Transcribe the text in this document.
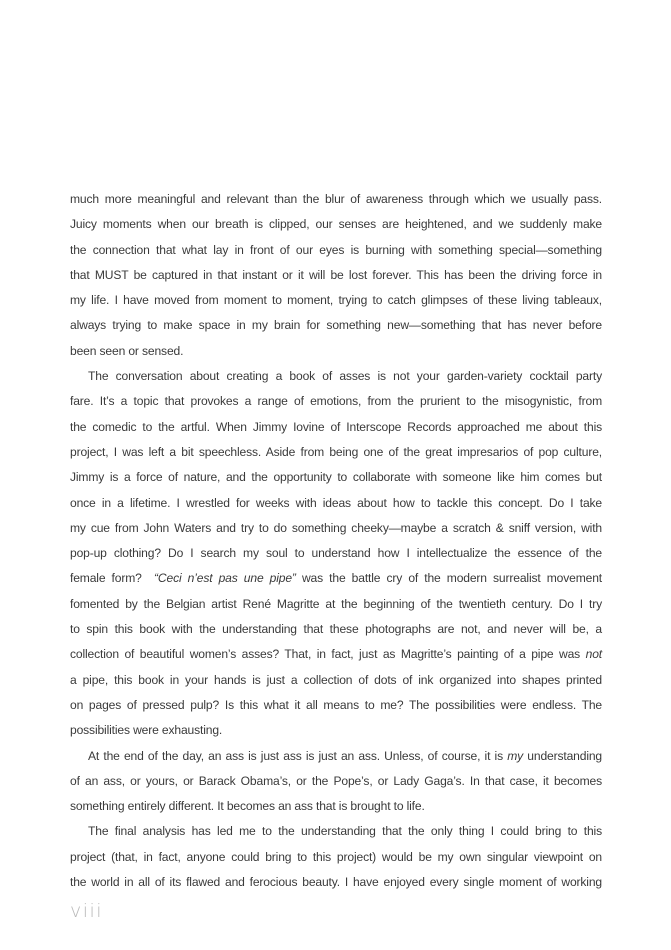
much more meaningful and relevant than the blur of awareness through which we usually pass.
Juicy moments when our breath is clipped, our senses are heightened, and we suddenly make
the connection that what lay in front of our eyes is burning with something special—something
that MUST be captured in that instant or it will be lost forever. This has been the driving force in
my life. I have moved from moment to moment, trying to catch glimpses of these living tableaux,
always trying to make space in my brain for something new—something that has never before
been seen or sensed.

The conversation about creating a book of asses is not your garden-variety cocktail party
fare. It’s a topic that provokes a range of emotions, from the prurient to the misogynistic, from
the comedic to the artful. When Jimmy Iovine of Interscope Records approached me about this
project, I was left a bit speechless. Aside from being one of the great impresarios of pop culture,
Jimmy is a force of nature, and the opportunity to collaborate with someone like him comes but
once in a lifetime. I wrestled for weeks with ideas about how to tackle this concept. Do I take
my cue from John Waters and try to do something cheeky—maybe a scratch & sniff version, with
pop-up clothing? Do I search my soul to understand how I intellectualize the essence of the
female form? “Ceci n’est pas une pipe” was the battle cry of the modern surrealist movement
fomented by the Belgian artist René Magritte at the beginning of the twentieth century. Do I try
to spin this book with the understanding that these photographs are not, and never will be, a
collection of beautiful women’s asses? That, in fact, just as Magritte’s painting of a pipe was not
a pipe, this book in your hands is just a collection of dots of ink organized into shapes printed
on pages of pressed pulp? Is this what it all means to me? The possibilities were endless. The
possibilities were exhausting.

At the end of the day, an ass is just ass is just an ass. Unless, of course, it is my understanding
of an ass, or yours, or Barack Obama’s, or the Pope’s, or Lady Gaga’s. In that case, it becomes
something entirely different. It becomes an ass that is brought to life.

The final analysis has led me to the understanding that the only thing I could bring to this
project (that, in fact, anyone could bring to this project) would be my own singular viewpoint on
the world in all of its flawed and ferocious beauty. I have enjoyed every single moment of working

viii
